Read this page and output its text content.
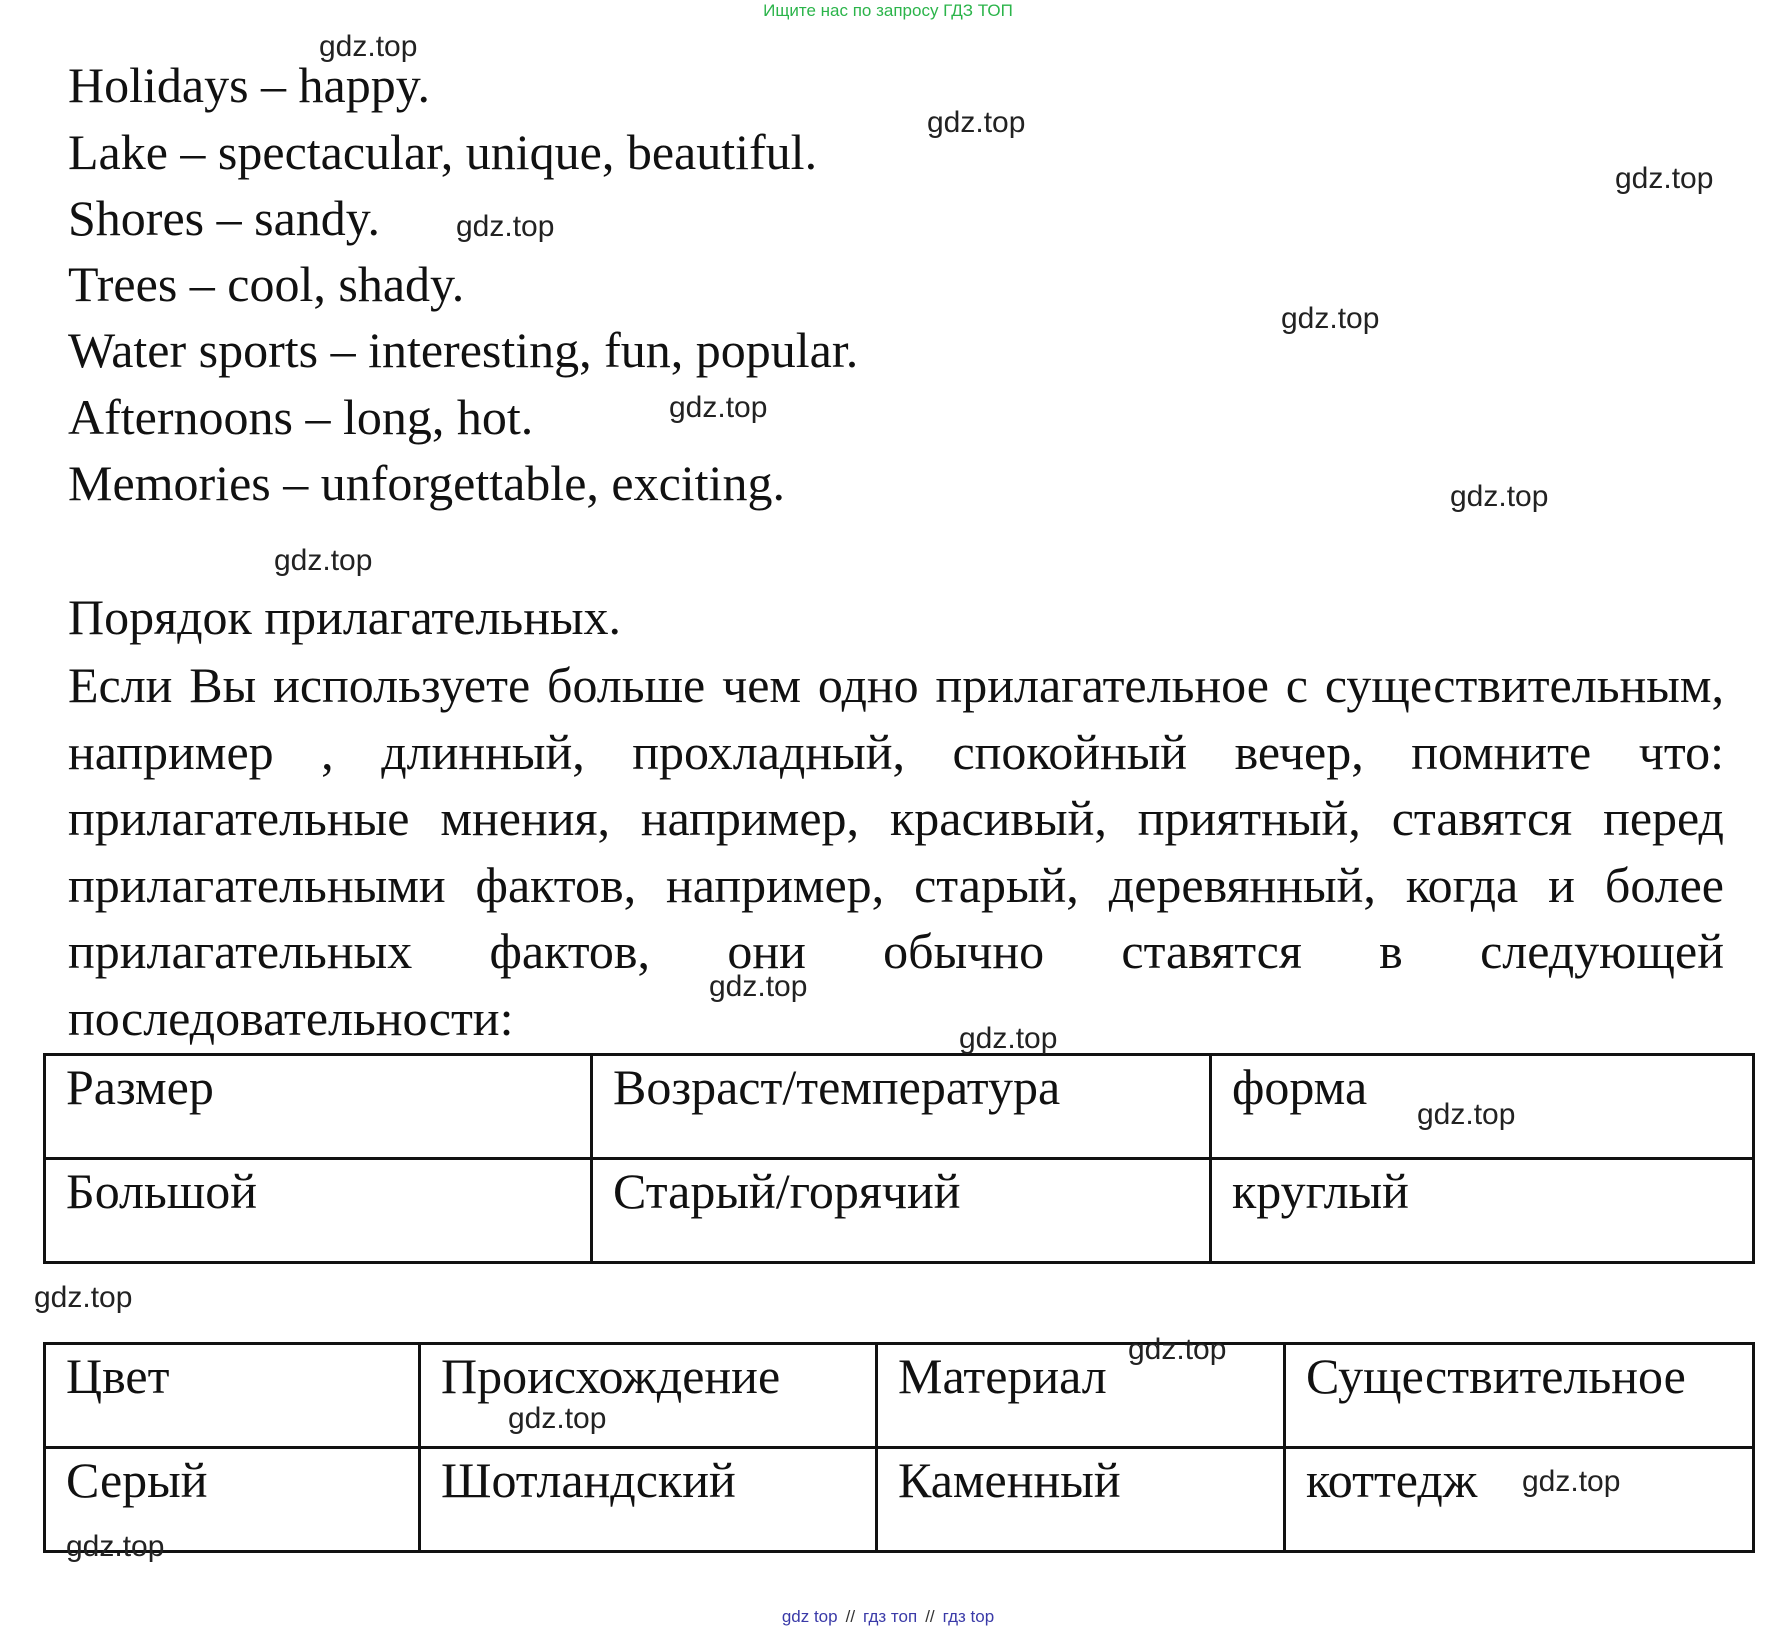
Ищите нас по запросу ГДЗ ТОП
Holidays – happy.
Lake – spectacular, unique, beautiful.
Shores – sandy.
Trees – cool, shady.
Water sports – interesting, fun, popular.
Afternoons – long, hot.
Memories – unforgettable, exciting.
Порядок прилагательных.
Если Вы используете больше чем одно прилагательное с существительным,
например , длинный, прохладный, спокойный вечер, помните что:
прилагательные мнения, например, красивый, приятный, ставятся перед
прилагательными фактов, например, старый, деревянный, когда и более
прилагательных фактов, они обычно ставятся в следующей
последовательности:
Размер	Возраст/температура	форма
Большой	Старый/горячий	круглый
Цвет	Происхождение	Материал	Существительное
Серый	Шотландский	Каменный	коттедж
gdz.top
gdz.top
gdz.top
gdz.top
gdz.top
gdz.top
gdz.top
gdz.top
gdz.top
gdz.top
gdz.top
gdz.top
gdz.top
gdz.top
gdz.top
gdz.top
gdz top // гдз топ // гдз top
